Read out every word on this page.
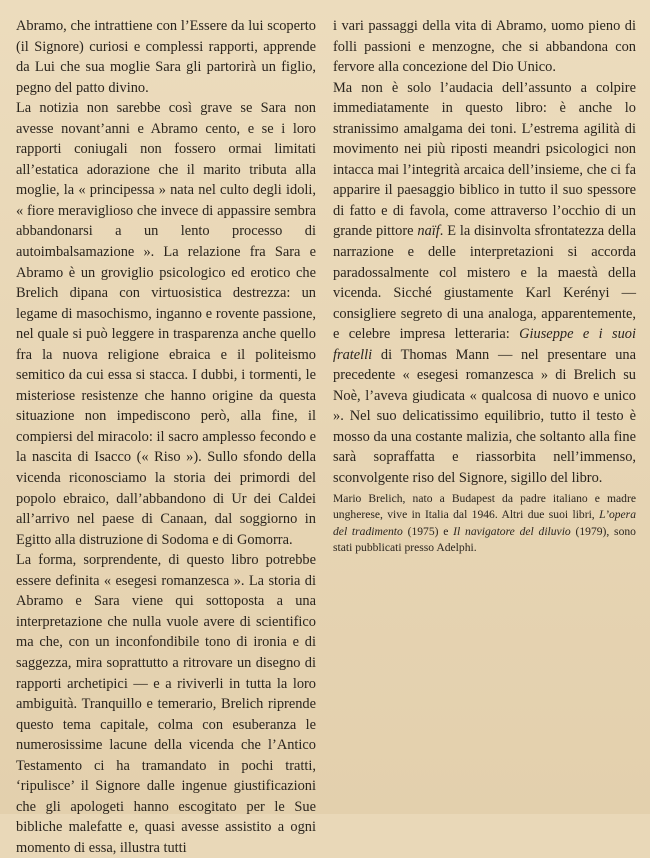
Abramo, che intrattiene con l’Essere da lui scoperto (il Signore) curiosi e complessi rapporti, apprende da Lui che sua moglie Sara gli partorirà un figlio, pegno del patto divino.

La notizia non sarebbe così grave se Sara non avesse novant’anni e Abramo cento, e se i loro rapporti coniugali non fossero ormai limitati all’estatica adorazione che il marito tributa alla moglie, la « principessa » nata nel culto degli idoli, « fiore meraviglioso che invece di appassire sembra abbandonarsi a un lento processo di autoimbalsamazione ». La relazione fra Sara e Abramo è un groviglio psicologico ed erotico che Brelich dipana con virtuosistica destrezza: un legame di masochismo, inganno e rovente passione, nel quale si può leggere in trasparenza anche quello fra la nuova religione ebraica e il politeismo semitico da cui essa si stacca. I dubbi, i tormenti, le misteriose resistenze che hanno origine da questa situazione non impediscono però, alla fine, il compiersi del miracolo: il sacro amplesso fecondo e la nascita di Isacco (« Riso »). Sullo sfondo della vicenda riconosciamo la storia dei primordi del popolo ebraico, dall’abbandono di Ur dei Caldei all’arrivo nel paese di Canaan, dal soggiorno in Egitto alla distruzione di Sodoma e di Gomorra.

La forma, sorprendente, di questo libro potrebbe essere definita « esegesi romanzesca ». La storia di Abramo e Sara viene qui sottoposta a una interpretazione che nulla vuole avere di scientifico ma che, con un inconfondibile tono di ironia e di saggezza, mira soprattutto a ritrovare un disegno di rapporti archetipici — e a riviverli in tutta la loro ambiguità. Tranquillo e temerario, Brelich riprende questo tema capitale, colma con esuberanza le numerosissime lacune della vicenda che l’Antico Testamento ci ha tramandato in pochi tratti, ‘ripulisce’ il Signore dalle ingenue giustificazioni che gli apologeti hanno escogitato per le Sue bibliche malefatte e, quasi avesse assistito a ogni momento di essa, illustra tutti

i vari passaggi della vita di Abramo, uomo pieno di folli passioni e menzogne, che si abbandona con fervore alla concezione del Dio Unico.

Ma non è solo l’audacia dell’assunto a colpire immediatamente in questo libro: è anche lo stranissimo amalgama dei toni. L’estrema agilità di movimento nei più riposti meandri psicologici non intacca mai l’integrità arcaica dell’insieme, che ci fa apparire il paesaggio biblico in tutto il suo spessore di fatto e di favola, come attraverso l’occhio di un grande pittore naïf. E la disinvolta sfrontatezza della narrazione e delle interpretazioni si accorda paradossalmente col mistero e la maestà della vicenda. Sicché giustamente Karl Kerényi — consigliere segreto di una analoga, apparentemente, e celebre impresa letteraria: Giuseppe e i suoi fratelli di Thomas Mann — nel presentare una precedente « esegesi romanzesca » di Brelich su Noè, l’aveva giudicata « qualcosa di nuovo e unico ». Nel suo delicatissimo equilibrio, tutto il testo è mosso da una costante malizia, che soltanto alla fine sarà sopraffatta e riassorbita nell’immenso, sconvolgente riso del Signore, sigillo del libro.

Mario Brelich, nato a Budapest da padre italiano e madre ungherese, vive in Italia dal 1946. Altri due suoi libri, L’opera del tradimento (1975) e Il navigatore del diluvio (1979), sono stati pubblicati presso Adelphi.
